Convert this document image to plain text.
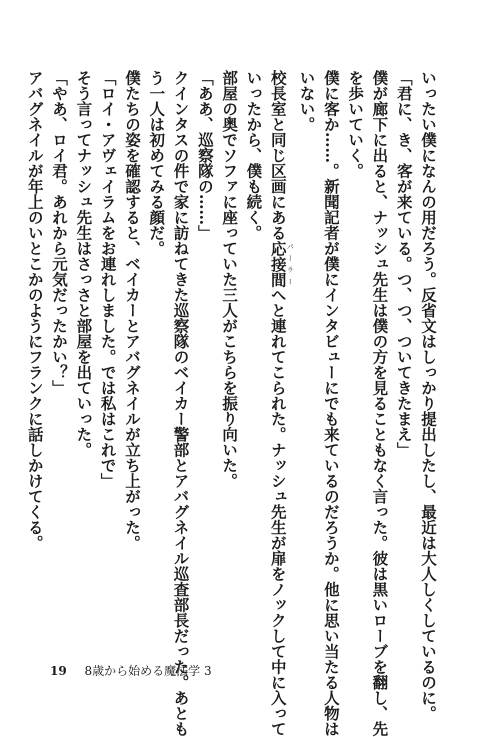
いったい僕になんの用だろう。反省文はしっかり提出したし、最近は大人しくしているのに。
「君に、き、客が来ている。つ、つ、ついてきたまえ」
僕が廊下に出ると、ナッシュ先生は僕の方を見ることもなく言った。彼は黒いローブを翻し、先
を歩いていく。
僕に客か……。新聞記者が僕にインタビューにでも来ているのだろうか。他に思い当たる人物は
いない。
校長室と同じ区画にある応接間パーラーへと連れてこられた。ナッシュ先生が扉をノックして中に入って
いったから、僕も続く。
部屋の奥でソファに座っていた三人がこちらを振り向いた。
「ああ、巡察隊の……」
クインタスの件で家に訪ねてきた巡察隊のベイカー警部とアバグネイル巡査部長だった。あとも
う一人は初めてみる顔だ。
僕たちの姿を確認すると、ベイカーとアバグネイルが立ち上がった。
「ロイ・アヴェイラムをお連れしました。では私はこれで」
そう言ってナッシュ先生はさっさと部屋を出ていった。
「やあ、ロイ君。あれから元気だったかい？」
アバグネイルが年上のいとこかのようにフランクに話しかけてくる。
19 8歳から始める魔法学 3
